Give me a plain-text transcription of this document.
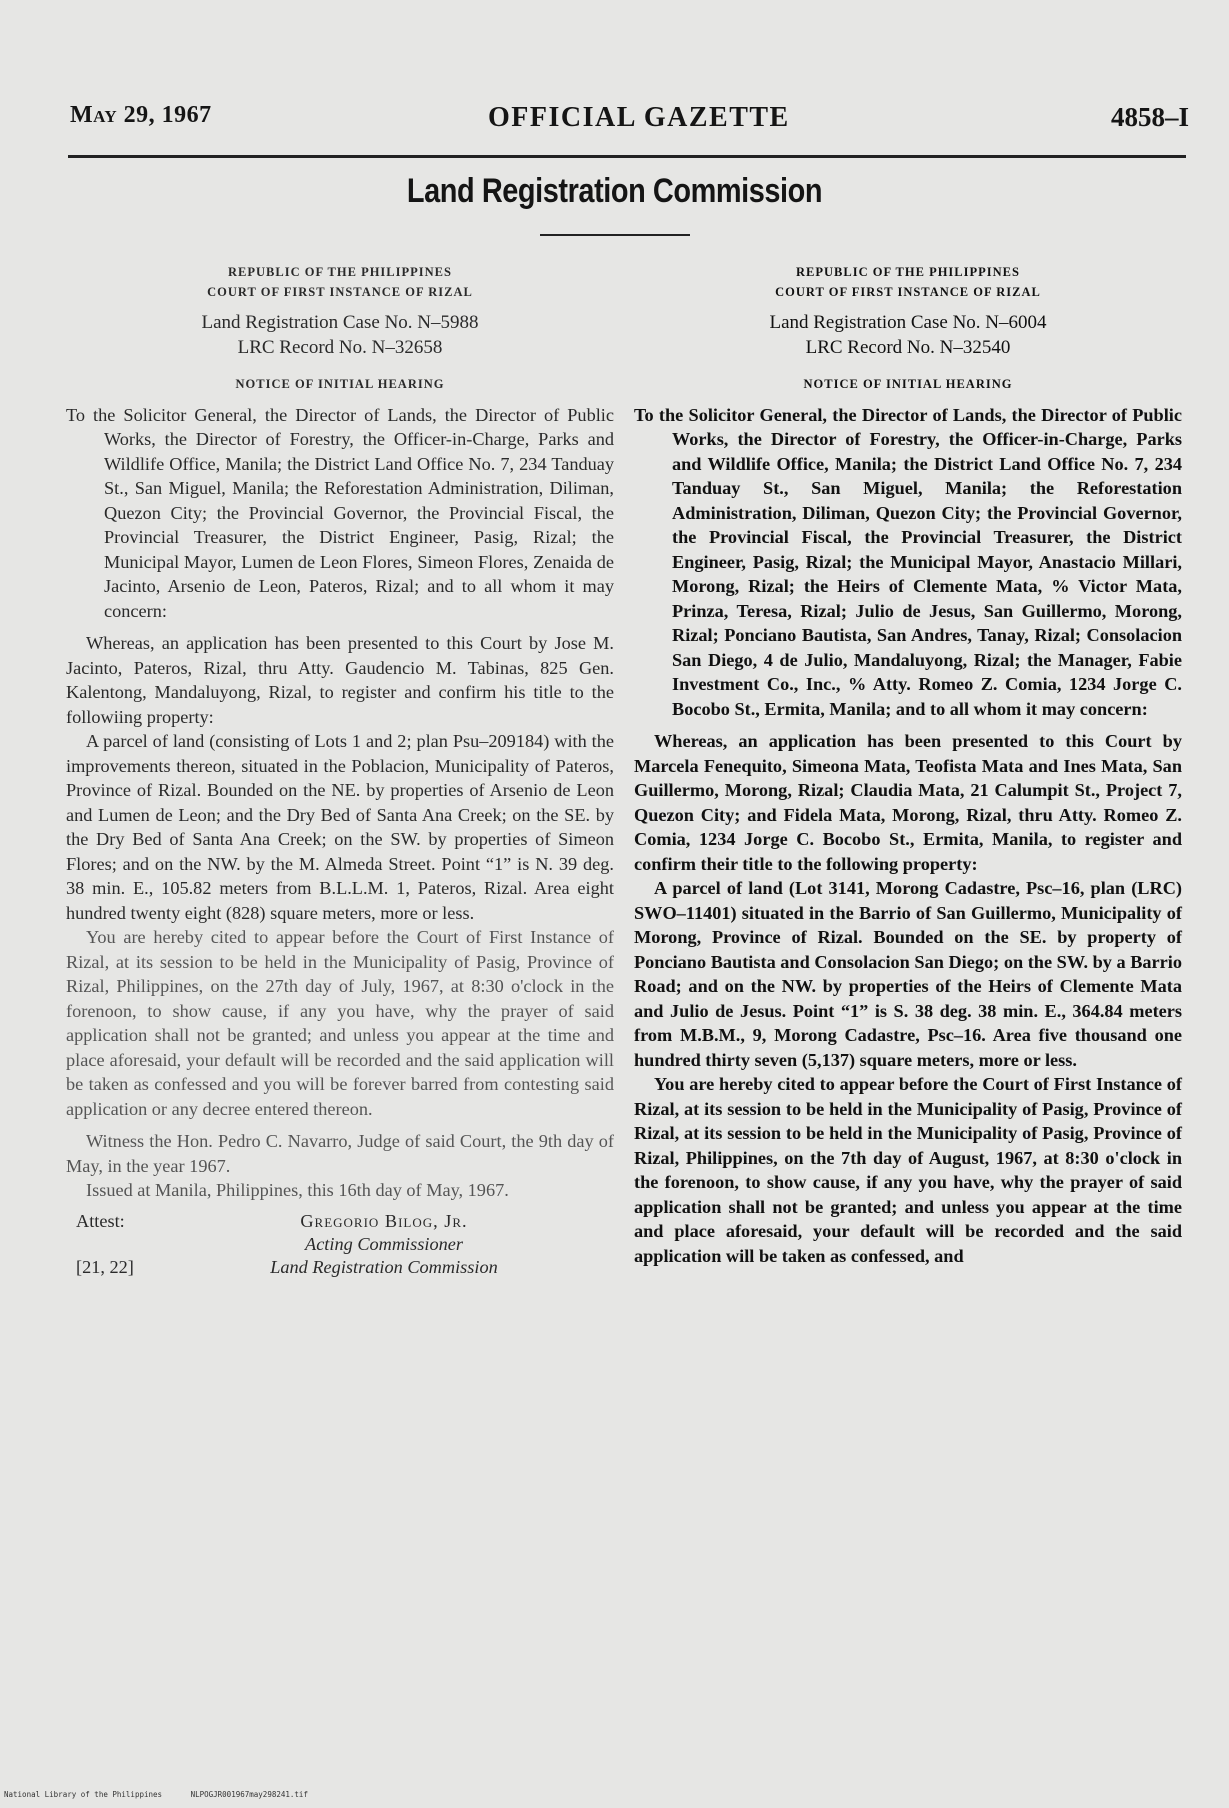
May 29, 1967	OFFICIAL GAZETTE	4858–I
Land Registration Commission

REPUBLIC OF THE PHILIPPINES

COURT OF FIRST INSTANCE OF RIZAL

Land Registration Case No. N–5988

LRC Record No. N–32658

NOTICE OF INITIAL HEARING

To the Solicitor General, the Director of Lands, the Director of Public Works, the Director of Forestry, the Officer-in-Charge, Parks and Wildlife Office, Manila; the District Land Office No. 7, 234 Tanduay St., San Miguel, Manila; the Reforestation Administration, Diliman, Quezon City; the Provincial Governor, the Provincial Fiscal, the Provincial Treasurer, the District Engineer, Pasig, Rizal; the Municipal Mayor, Lumen de Leon Flores, Simeon Flores, Zenaida de Jacinto, Arsenio de Leon, Pateros, Rizal; and to all whom it may concern:

Whereas, an application has been presented to this Court by Jose M. Jacinto, Pateros, Rizal, thru Atty. Gaudencio M. Tabinas, 825 Gen. Kalentong, Mandaluyong, Rizal, to register and confirm his title to the followiing property:

A parcel of land (consisting of Lots 1 and 2; plan Psu–209184) with the improvements thereon, situated in the Poblacion, Municipality of Pateros, Province of Rizal. Bounded on the NE. by properties of Arsenio de Leon and Lumen de Leon; and the Dry Bed of Santa Ana Creek; on the SE. by the Dry Bed of Santa Ana Creek; on the SW. by properties of Simeon Flores; and on the NW. by the M. Almeda Street. Point “1” is N. 39 deg. 38 min. E., 105.82 meters from B.L.L.M. 1, Pateros, Rizal. Area eight hundred twenty eight (828) square meters, more or less.

You are hereby cited to appear before the Court of First Instance of Rizal, at its session to be held in the Municipality of Pasig, Province of Rizal, Philippines, on the 27th day of July, 1967, at 8:30 o'clock in the forenoon, to show cause, if any you have, why the prayer of said application shall not be granted; and unless you appear at the time and place aforesaid, your default will be recorded and the said application will be taken as confessed and you will be forever barred from contesting said application or any decree entered thereon.

Witness the Hon. Pedro C. Navarro, Judge of said Court, the 9th day of May, in the year 1967.

Issued at Manila, Philippines, this 16th day of May, 1967.

Attest:	Gregorio Bilog, Jr.
Acting Commissioner
[21, 22]	Land Registration Commission

REPUBLIC OF THE PHILIPPINES

COURT OF FIRST INSTANCE OF RIZAL

Land Registration Case No. N–6004

LRC Record No. N–32540

NOTICE OF INITIAL HEARING

To the Solicitor General, the Director of Lands, the Director of Public Works, the Director of Forestry, the Officer-in-Charge, Parks and Wildlife Office, Manila; the District Land Office No. 7, 234 Tanduay St., San Miguel, Manila; the Reforestation Administration, Diliman, Quezon City; the Provincial Governor, the Provincial Fiscal, the Provincial Treasurer, the District Engineer, Pasig, Rizal; the Municipal Mayor, Anastacio Millari, Morong, Rizal; the Heirs of Clemente Mata, % Victor Mata, Prinza, Teresa, Rizal; Julio de Jesus, San Guillermo, Morong, Rizal; Ponciano Bautista, San Andres, Tanay, Rizal; Consolacion San Diego, 4 de Julio, Mandaluyong, Rizal; the Manager, Fabie Investment Co., Inc., % Atty. Romeo Z. Comia, 1234 Jorge C. Bocobo St., Ermita, Manila; and to all whom it may concern:

Whereas, an application has been presented to this Court by Marcela Fenequito, Simeona Mata, Teofista Mata and Ines Mata, San Guillermo, Morong, Rizal; Claudia Mata, 21 Calumpit St., Project 7, Quezon City; and Fidela Mata, Morong, Rizal, thru Atty. Romeo Z. Comia, 1234 Jorge C. Bocobo St., Ermita, Manila, to register and confirm their title to the following property:

A parcel of land (Lot 3141, Morong Cadastre, Psc–16, plan (LRC) SWO–11401) situated in the Barrio of San Guillermo, Municipality of Morong, Province of Rizal. Bounded on the SE. by property of Ponciano Bautista and Consolacion San Diego; on the SW. by a Barrio Road; and on the NW. by properties of the Heirs of Clemente Mata and Julio de Jesus. Point “1” is S. 38 deg. 38 min. E., 364.84 meters from M.B.M., 9, Morong Cadastre, Psc–16. Area five thousand one hundred thirty seven (5,137) square meters, more or less.

You are hereby cited to appear before the Court of First Instance of Rizal, at its session to be held in the Municipality of Pasig, Province of Rizal, at its session to be held in the Municipality of Pasig, Province of Rizal, Philippines, on the 7th day of August, 1967, at 8:30 o'clock in the forenoon, to show cause, if any you have, why the prayer of said application shall not be granted; and unless you appear at the time and place aforesaid, your default will be recorded and the said application will be taken as confessed, and

National Library of the Philippines	NLPOGJR001967may298241.tif
